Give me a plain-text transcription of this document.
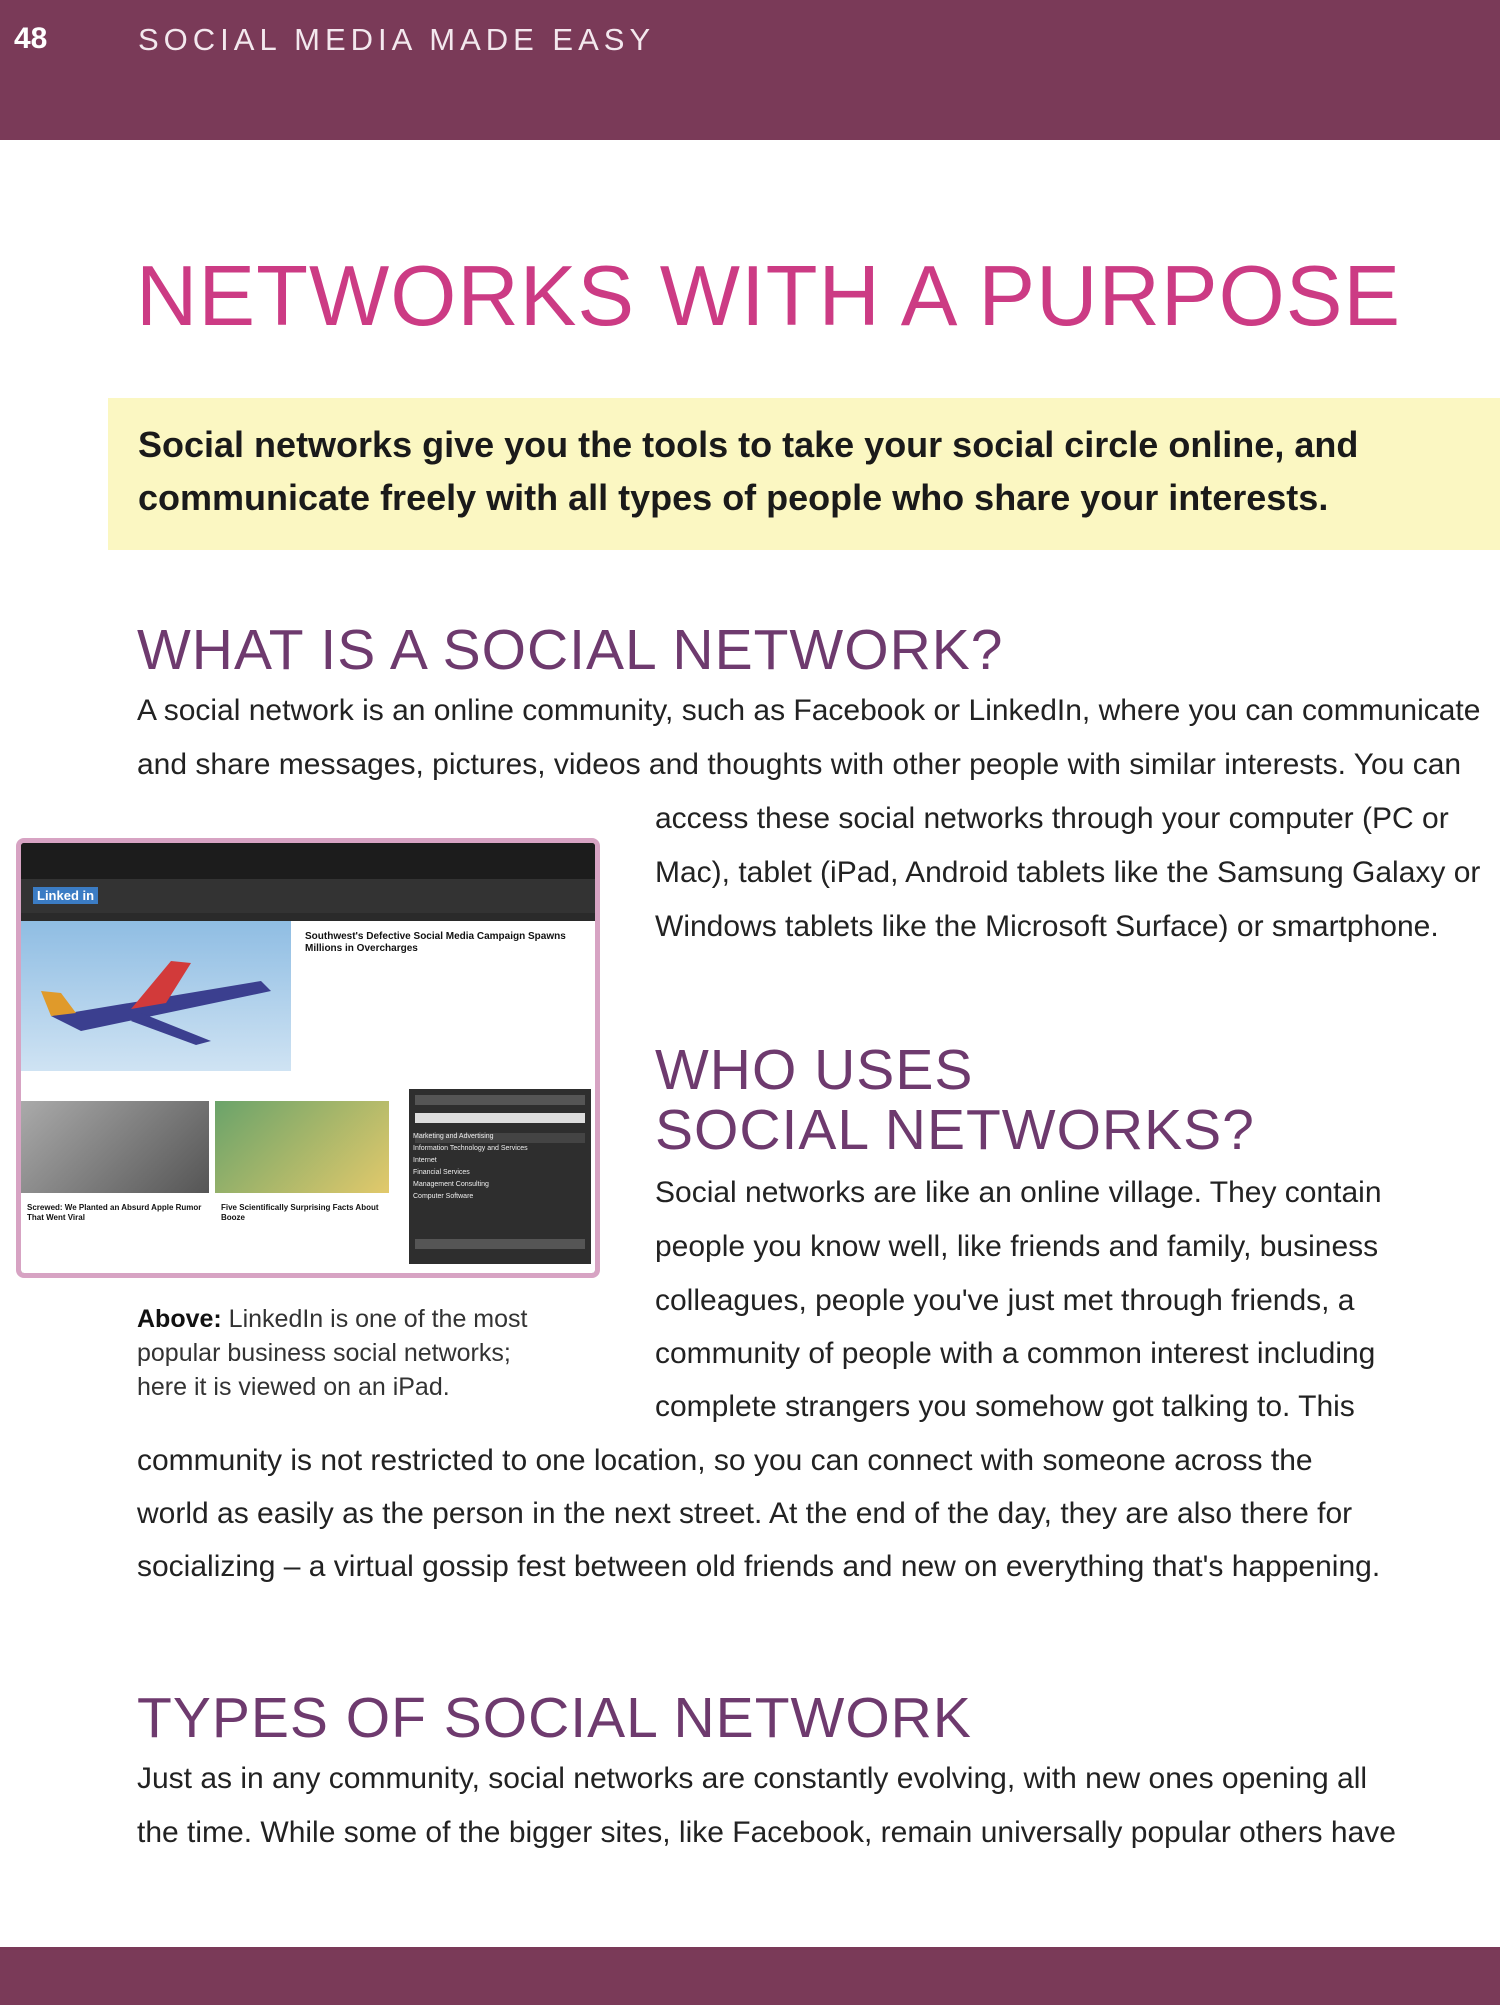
48	SOCIAL MEDIA MADE EASY
NETWORKS WITH A PURPOSE

Social networks give you the tools to take your social circle online, and communicate freely with all types of people who share your interests.

WHAT IS A SOCIAL NETWORK?

A social network is an online community, such as Facebook or LinkedIn, where you can communicate

and share messages, pictures, videos and thoughts with other people with similar interests. You can

access these social networks through your computer (PC or

Mac), tablet (iPad, Android tablets like the Samsung Galaxy or

Windows tablets like the Microsoft Surface) or smartphone.

Linked in
Southwest's Defective Social Media Campaign Spawns Millions in Overcharges
Screwed: We Planted an Absurd Apple Rumor That Went Viral
Five Scientifically Surprising Facts About Booze
Marketing and Advertising
Information Technology and Services
Internet
Financial Services
Management Consulting
Computer Software

Above: LinkedIn is one of the most popular business social networks; here it is viewed on an iPad.

WHO USES
SOCIAL NETWORKS?

Social networks are like an online village. They contain

people you know well, like friends and family, business

colleagues, people you've just met through friends, a

community of people with a common interest including

complete strangers you somehow got talking to. This

community is not restricted to one location, so you can connect with someone across the

world as easily as the person in the next street. At the end of the day, they are also there for

socializing – a virtual gossip fest between old friends and new on everything that's happening.

TYPES OF SOCIAL NETWORK

Just as in any community, social networks are constantly evolving, with new ones opening all

the time. While some of the bigger sites, like Facebook, remain universally popular others have
